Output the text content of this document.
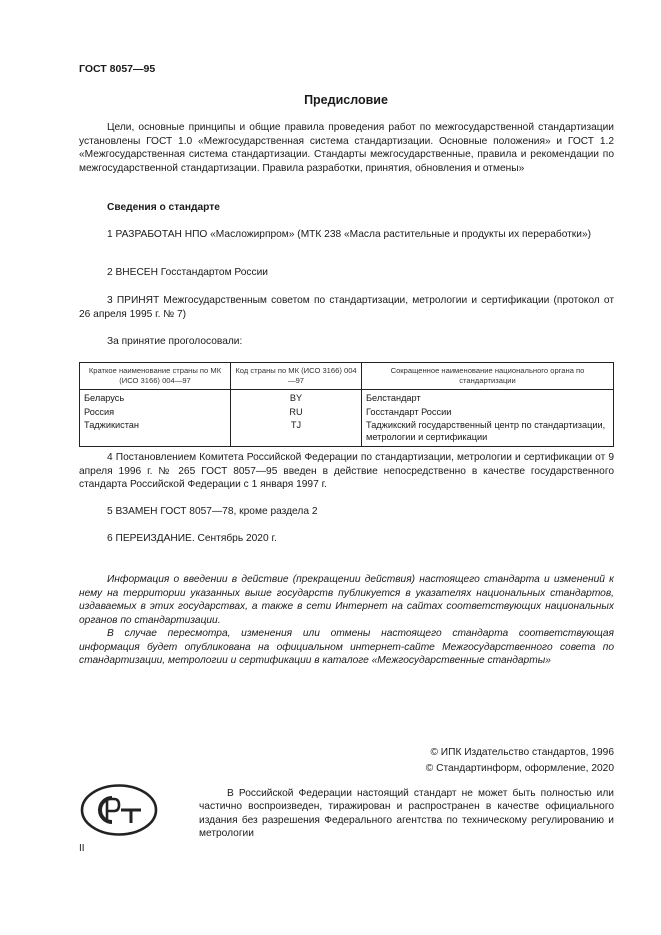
ГОСТ 8057—95
Предисловие
Цели, основные принципы и общие правила проведения работ по межгосударственной стандартизации установлены ГОСТ 1.0 «Межгосударственная система стандартизации. Основные положения» и ГОСТ 1.2 «Межгосударственная система стандартизации. Стандарты межгосударственные, правила и рекомендации по межгосударственной стандартизации. Правила разработки, принятия, обновления и отмены»
Сведения о стандарте
1 РАЗРАБОТАН НПО «Масложирпром» (МТК 238 «Масла растительные и продукты их переработки»)
2 ВНЕСЕН Госстандартом России
3 ПРИНЯТ Межгосударственным советом по стандартизации, метрологии и сертификации (протокол от 26 апреля 1995 г. № 7)
За принятие проголосовали:
Краткое наименование страны по МК (ИСО 3166) 004—97	Код страны по МК (ИСО 3166) 004—97	Сокращенное наименование национального органа по стандартизации
Беларусь	BY	Белстандарт
Россия	RU	Госстандарт России
Таджикистан	TJ	Таджикский государственный центр по стандартизации, метрологии и сертификации
4 Постановлением Комитета Российской Федерации по стандартизации, метрологии и сертификации от 9 апреля 1996 г. № 265 ГОСТ 8057—95 введен в действие непосредственно в качестве государственного стандарта Российской Федерации с 1 января 1997 г.
5 ВЗАМЕН ГОСТ 8057—78, кроме раздела 2
6 ПЕРЕИЗДАНИЕ. Сентябрь 2020 г.
Информация о введении в действие (прекращении действия) настоящего стандарта и изменений к нему на территории указанных выше государств публикуется в указателях национальных стандартов, издаваемых в этих государствах, а также в сети Интернет на сайтах соответствующих национальных органов по стандартизации.
В случае пересмотра, изменения или отмены настоящего стандарта соответствующая информация будет опубликована на официальном интернет-сайте Межгосударственного совета по стандартизации, метрологии и сертификации в каталоге «Межгосударственные стандарты»
© ИПК Издательство стандартов, 1996
© Стандартинформ, оформление, 2020
В Российской Федерации настоящий стандарт не может быть полностью или частично воспроизведен, тиражирован и распространен в качестве официального издания без разрешения Федерального агентства по техническому регулированию и метрологии
II
